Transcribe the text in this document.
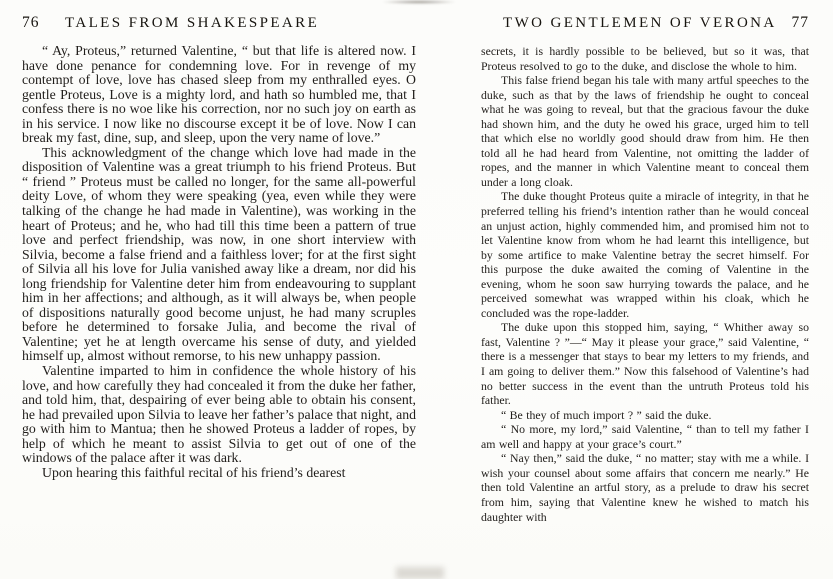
76	TALES FROM SHAKESPEARE

“ Ay, Proteus,” returned Valentine, “ but that life is altered now. I have done penance for condemning love. For in revenge of my contempt of love, love has chased sleep from my enthralled eyes. O gentle Proteus, Love is a mighty lord, and hath so humbled me, that I confess there is no woe like his correction, nor no such joy on earth as in his service. I now like no discourse except it be of love. Now I can break my fast, dine, sup, and sleep, upon the very name of love.”

This acknowledgment of the change which love had made in the disposition of Valentine was a great triumph to his friend Proteus. But “ friend ” Proteus must be called no longer, for the same all-powerful deity Love, of whom they were speaking (yea, even while they were talking of the change he had made in Valentine), was working in the heart of Proteus; and he, who had till this time been a pattern of true love and perfect friendship, was now, in one short interview with Silvia, become a false friend and a faithless lover; for at the first sight of Silvia all his love for Julia vanished away like a dream, nor did his long friendship for Valentine deter him from endeavouring to supplant him in her affections; and although, as it will always be, when people of dispositions naturally good become unjust, he had many scruples before he determined to forsake Julia, and become the rival of Valentine; yet he at length overcame his sense of duty, and yielded himself up, almost without remorse, to his new unhappy passion.

Valentine imparted to him in confidence the whole history of his love, and how carefully they had concealed it from the duke her father, and told him, that, despairing of ever being able to obtain his consent, he had prevailed upon Silvia to leave her father’s palace that night, and go with him to Mantua; then he showed Proteus a ladder of ropes, by help of which he meant to assist Silvia to get out of one of the windows of the palace after it was dark.

Upon hearing this faithful recital of his friend’s dearest

TWO GENTLEMEN OF VERONA 77

secrets, it is hardly possible to be believed, but so it was, that Proteus resolved to go to the duke, and disclose the whole to him.

This false friend began his tale with many artful speeches to the duke, such as that by the laws of friendship he ought to conceal what he was going to reveal, but that the gracious favour the duke had shown him, and the duty he owed his grace, urged him to tell that which else no worldly good should draw from him. He then told all he had heard from Valentine, not omitting the ladder of ropes, and the manner in which Valentine meant to conceal them under a long cloak.

The duke thought Proteus quite a miracle of integrity, in that he preferred telling his friend’s intention rather than he would conceal an unjust action, highly commended him, and promised him not to let Valentine know from whom he had learnt this intelligence, but by some artifice to make Valentine betray the secret himself. For this purpose the duke awaited the coming of Valentine in the evening, whom he soon saw hurrying towards the palace, and he perceived somewhat was wrapped within his cloak, which he concluded was the rope-ladder.

The duke upon this stopped him, saying, “ Whither away so fast, Valentine ? ”—“ May it please your grace,” said Valentine, “ there is a messenger that stays to bear my letters to my friends, and I am going to deliver them.” Now this falsehood of Valentine’s had no better success in the event than the untruth Proteus told his father.

“ Be they of much import ? ” said the duke.

“ No more, my lord,” said Valentine, “ than to tell my father I am well and happy at your grace’s court.”

“ Nay then,” said the duke, “ no matter; stay with me a while. I wish your counsel about some affairs that concern me nearly.” He then told Valentine an artful story, as a prelude to draw his secret from him, saying that Valentine knew he wished to match his daughter with
